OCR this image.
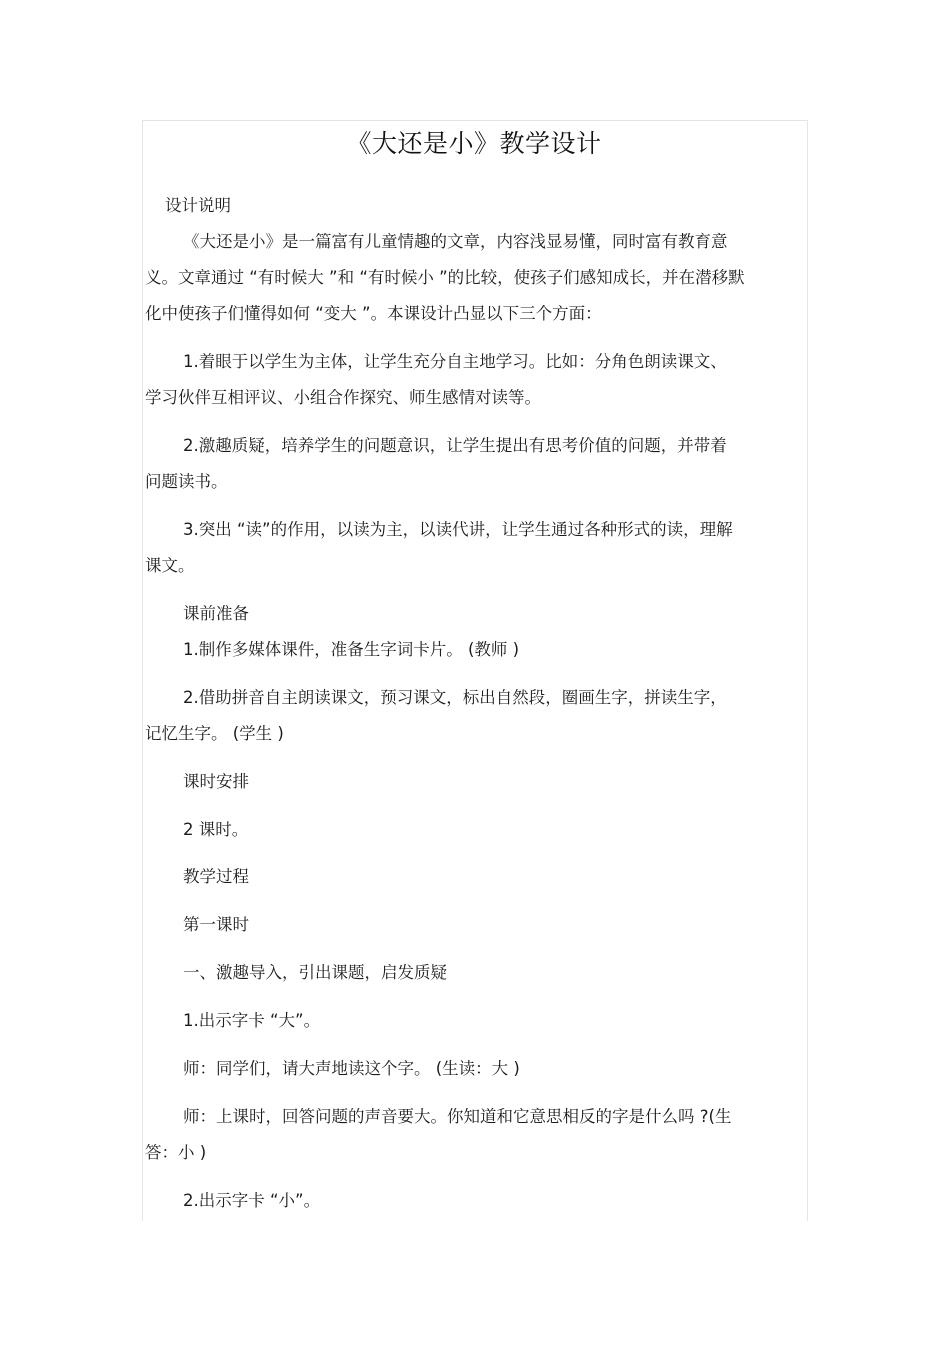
《大还是小》教学设计
设计说明
《大还是小》是一篇富有儿童情趣的文章，内容浅显易懂，同时富有教育意
义。文章通过 “有时候大 ”和 “有时候小 ”的比较，使孩子们感知成长，并在潜移默
化中使孩子们懂得如何 “变大 ”。本课设计凸显以下三个方面：
1.着眼于以学生为主体，让学生充分自主地学习。比如：分角色朗读课文、
学习伙伴互相评议、小组合作探究、师生感情对读等。
2.激趣质疑，培养学生的问题意识，让学生提出有思考价值的问题，并带着
问题读书。
3.突出 “读”的作用，以读为主，以读代讲，让学生通过各种形式的读，理解
课文。
课前准备
1.制作多媒体课件，准备生字词卡片。 (教师 )
2.借助拼音自主朗读课文，预习课文，标出自然段，圈画生字，拼读生字，
记忆生字。 (学生 )
课时安排
2 课时。
教学过程
第一课时
一、激趣导入，引出课题，启发质疑
1.出示字卡 “大”。
师：同学们，请大声地读这个字。 (生读：大 )
师：上课时，回答问题的声音要大。你知道和它意思相反的字是什么吗 ?(生
答：小 )
2.出示字卡 “小”。
